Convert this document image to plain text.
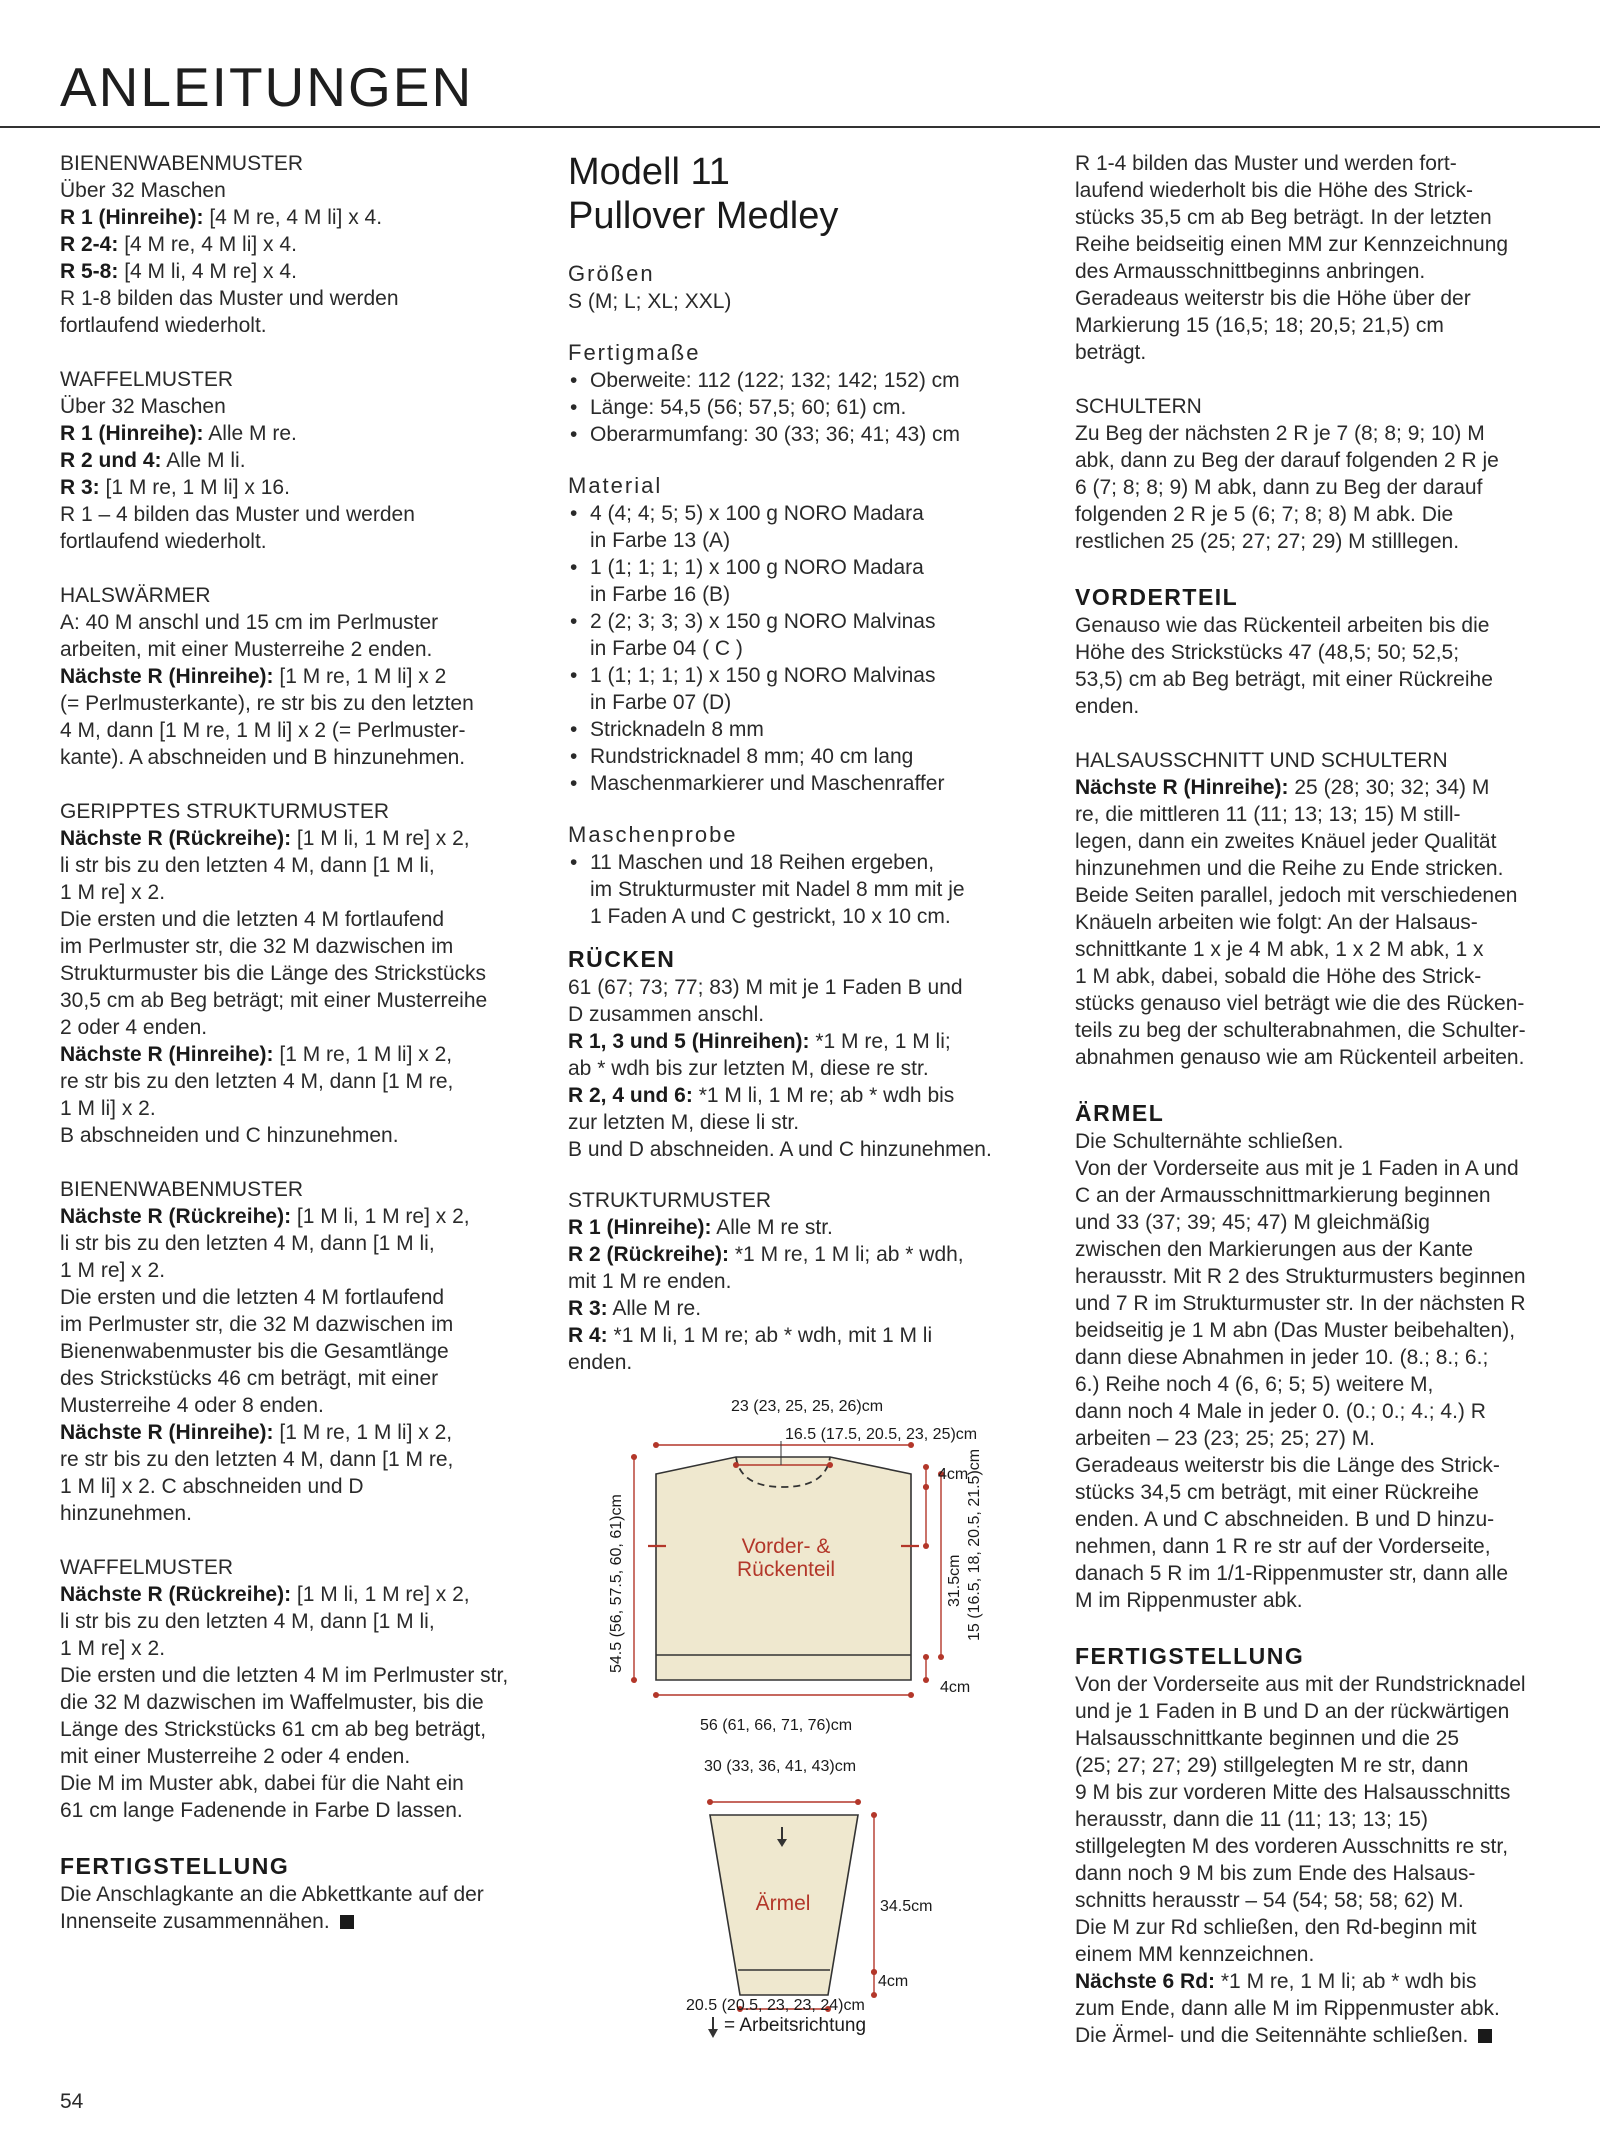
ANLEITUNGEN

BIENENWABENMUSTER

Über 32 Maschen

R 1 (Hinreihe): [4 M re, 4 M li] x 4.

R 2-4: [4 M re, 4 M li] x 4.

R 5-8: [4 M li, 4 M re] x 4.

R 1-8 bilden das Muster und werden

fortlaufend wiederholt.

WAFFELMUSTER

Über 32 Maschen

R 1 (Hinreihe): Alle M re.

R 2 und 4: Alle M li.

R 3: [1 M re, 1 M li] x 16.

R 1 – 4 bilden das Muster und werden

fortlaufend wiederholt.

HALSWÄRMER

A: 40 M anschl und 15 cm im Perlmuster

arbeiten, mit einer Musterreihe 2 enden.

Nächste R (Hinreihe): [1 M re, 1 M li] x 2

(= Perlmusterkante), re str bis zu den letzten

4 M, dann [1 M re, 1 M li] x 2 (= Perlmuster-

kante). A abschneiden und B hinzunehmen.

GERIPPTES STRUKTURMUSTER

Nächste R (Rückreihe): [1 M li, 1 M re] x 2,

li str bis zu den letzten 4 M, dann [1 M li,

1 M re] x 2.

Die ersten und die letzten 4 M fortlaufend

im Perlmuster str, die 32 M dazwischen im

Strukturmuster bis die Länge des Strickstücks

30,5 cm ab Beg beträgt; mit einer Musterreihe

2 oder 4 enden.

Nächste R (Hinreihe): [1 M re, 1 M li] x 2,

re str bis zu den letzten 4 M, dann [1 M re,

1 M li] x 2.

B abschneiden und C hinzunehmen.

BIENENWABENMUSTER

Nächste R (Rückreihe): [1 M li, 1 M re] x 2,

li str bis zu den letzten 4 M, dann [1 M li,

1 M re] x 2.

Die ersten und die letzten 4 M fortlaufend

im Perlmuster str, die 32 M dazwischen im

Bienenwabenmuster bis die Gesamtlänge

des Strickstücks 46 cm beträgt, mit einer

Musterreihe 4 oder 8 enden.

Nächste R (Hinreihe): [1 M re, 1 M li] x 2,

re str bis zu den letzten 4 M, dann [1 M re,

1 M li] x 2. C abschneiden und D

hinzunehmen.

WAFFELMUSTER

Nächste R (Rückreihe): [1 M li, 1 M re] x 2,

li str bis zu den letzten 4 M, dann [1 M li,

1 M re] x 2.

Die ersten und die letzten 4 M im Perlmuster str,

die 32 M dazwischen im Waffelmuster, bis die

Länge des Strickstücks 61 cm ab beg beträgt,

mit einer Musterreihe 2 oder 4 enden.

Die M im Muster abk, dabei für die Naht ein

61 cm lange Fadenende in Farbe D lassen.

FERTIGSTELLUNG

Die Anschlagkante an die Abkettkante auf der

Innenseite zusammennähen.

Modell 11

Pullover Medley

Größen

S (M; L; XL; XXL)

Fertigmaße

• Oberweite: 112 (122; 132; 142; 152) cm

• Länge: 54,5 (56; 57,5; 60; 61) cm.

• Oberarmumfang: 30 (33; 36; 41; 43) cm

Material

• 4 (4; 4; 5; 5) x 100 g NORO Madara

in Farbe 13 (A)

• 1 (1; 1; 1; 1) x 100 g NORO Madara

in Farbe 16 (B)

• 2 (2; 3; 3; 3) x 150 g NORO Malvinas

in Farbe 04 ( C )

• 1 (1; 1; 1; 1) x 150 g NORO Malvinas

in Farbe 07 (D)

• Stricknadeln 8 mm

• Rundstricknadel 8 mm; 40 cm lang

• Maschenmarkierer und Maschenraffer

Maschenprobe

• 11 Maschen und 18 Reihen ergeben,

im Strukturmuster mit Nadel 8 mm mit je

1 Faden A und C gestrickt, 10 x 10 cm.

RÜCKEN

61 (67; 73; 77; 83) M mit je 1 Faden B und

D zusammen anschl.

R 1, 3 und 5 (Hinreihen): *1 M re, 1 M li;

ab * wdh bis zur letzten M, diese re str.

R 2, 4 und 6: *1 M li, 1 M re; ab * wdh bis

zur letzten M, diese li str.

B und D abschneiden. A und C hinzunehmen.

STRUKTURMUSTER

R 1 (Hinreihe): Alle M re str.

R 2 (Rückreihe): *1 M re, 1 M li; ab * wdh,

mit 1 M re enden.

R 3: Alle M re.

R 4: *1 M li, 1 M re; ab * wdh, mit 1 M li

enden.

23 (23, 25, 25, 26)cm
16.5 (17.5, 20.5, 23, 25)cm
4cm
15 (16.5, 18, 20.5, 21.5)cm
31.5cm
4cm
54.5 (56, 57.5, 60, 61)cm
56 (61, 66, 71, 76)cm
Vorder- &
Rückenteil
30 (33, 36, 41, 43)cm
34.5cm
4cm
Ärmel
20.5 (20.5, 23, 23, 24)cm
= Arbeitsrichtung

R 1-4 bilden das Muster und werden fort-

laufend wiederholt bis die Höhe des Strick-

stücks 35,5 cm ab Beg beträgt. In der letzten

Reihe beidseitig einen MM zur Kennzeichnung

des Armausschnittbeginns anbringen.

Geradeaus weiterstr bis die Höhe über der

Markierung 15 (16,5; 18; 20,5; 21,5) cm

beträgt.

SCHULTERN

Zu Beg der nächsten 2 R je 7 (8; 8; 9; 10) M

abk, dann zu Beg der darauf folgenden 2 R je

6 (7; 8; 8; 9) M abk, dann zu Beg der darauf

folgenden 2 R je 5 (6; 7; 8; 8) M abk. Die

restlichen 25 (25; 27; 27; 29) M stilllegen.

VORDERTEIL

Genauso wie das Rückenteil arbeiten bis die

Höhe des Strickstücks 47 (48,5; 50; 52,5;

53,5) cm ab Beg beträgt, mit einer Rückreihe

enden.

HALSAUSSCHNITT UND SCHULTERN

Nächste R (Hinreihe): 25 (28; 30; 32; 34) M

re, die mittleren 11 (11; 13; 13; 15) M still-

legen, dann ein zweites Knäuel jeder Qualität

hinzunehmen und die Reihe zu Ende stricken.

Beide Seiten parallel, jedoch mit verschiedenen

Knäueln arbeiten wie folgt: An der Halsaus-

schnittkante 1 x je 4 M abk, 1 x 2 M abk, 1 x

1 M abk, dabei, sobald die Höhe des Strick-

stücks genauso viel beträgt wie die des Rücken-

teils zu beg der schulterabnahmen, die Schulter-

abnahmen genauso wie am Rückenteil arbeiten.

ÄRMEL

Die Schulternähte schließen.

Von der Vorderseite aus mit je 1 Faden in A und

C an der Armausschnittmarkierung beginnen

und 33 (37; 39; 45; 47) M gleichmäßig

zwischen den Markierungen aus der Kante

herausstr. Mit R 2 des Strukturmusters beginnen

und 7 R im Strukturmuster str. In der nächsten R

beidseitig je 1 M abn (Das Muster beibehalten),

dann diese Abnahmen in jeder 10. (8.; 8.; 6.;

6.) Reihe noch 4 (6, 6; 5; 5) weitere M,

dann noch 4 Male in jeder 0. (0.; 0.; 4.; 4.) R

arbeiten – 23 (23; 25; 25; 27) M.

Geradeaus weiterstr bis die Länge des Strick-

stücks 34,5 cm beträgt, mit einer Rückreihe

enden. A und C abschneiden. B und D hinzu-

nehmen, dann 1 R re str auf der Vorderseite,

danach 5 R im 1/1-Rippenmuster str, dann alle

M im Rippenmuster abk.

FERTIGSTELLUNG

Von der Vorderseite aus mit der Rundstricknadel

und je 1 Faden in B und D an der rückwärtigen

Halsausschnittkante beginnen und die 25

(25; 27; 27; 29) stillgelegten M re str, dann

9 M bis zur vorderen Mitte des Halsausschnitts

herausstr, dann die 11 (11; 13; 13; 15)

stillgelegten M des vorderen Ausschnitts re str,

dann noch 9 M bis zum Ende des Halsaus-

schnitts herausstr – 54 (54; 58; 58; 62) M.

Die M zur Rd schließen, den Rd-beginn mit

einem MM kennzeichnen.

Nächste 6 Rd: *1 M re, 1 M li; ab * wdh bis

zum Ende, dann alle M im Rippenmuster abk.

Die Ärmel- und die Seitennähte schließen.

54
